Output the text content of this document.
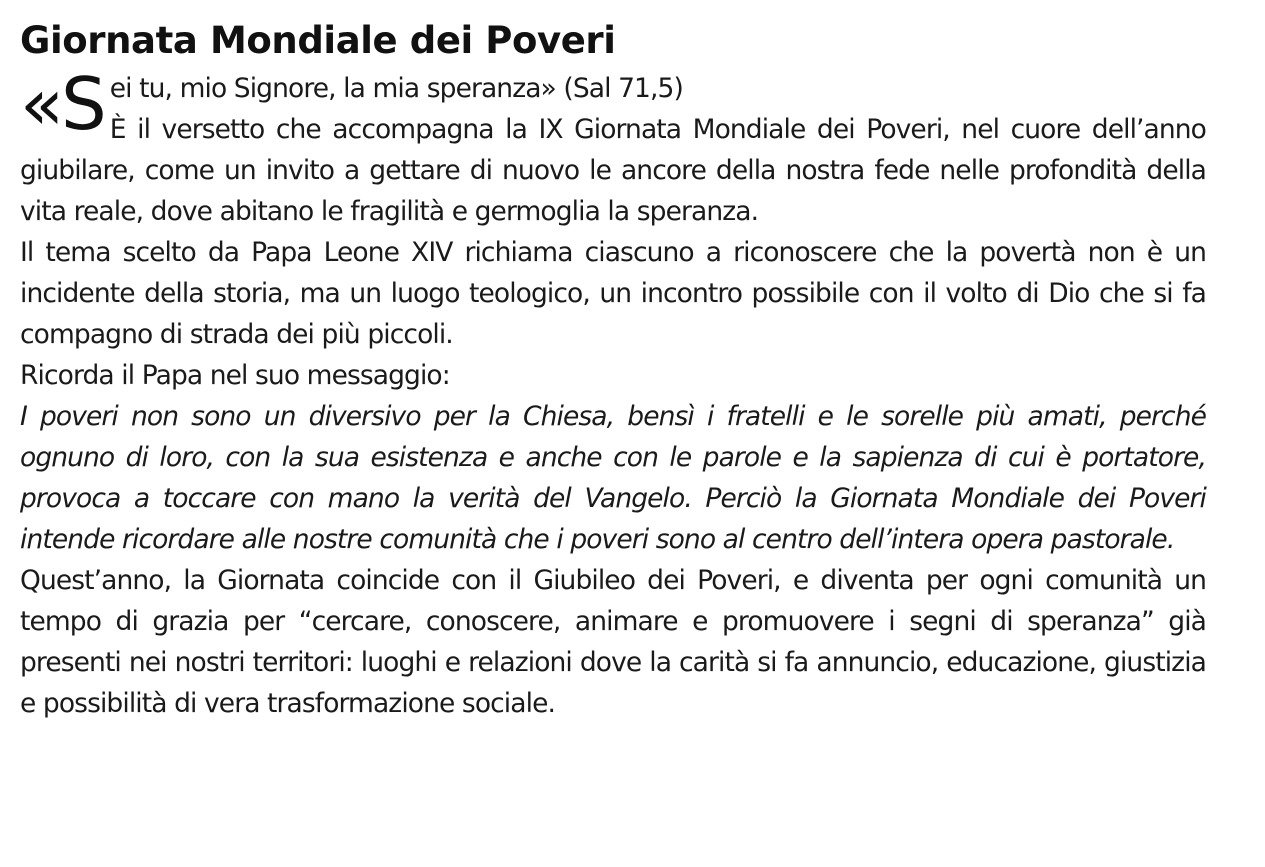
Giornata Mondiale dei Poveri
«S ei tu, mio Signore, la mia speranza» (Sal 71,5)

È il versetto che accompagna la IX Giornata Mondiale dei Poveri, nel cuore dell’anno giubilare, come un invito a gettare di nuovo le ancore della nostra fede nelle profondità della vita reale, dove abitano le fragilità e germoglia la speranza.

Il tema scelto da Papa Leone XIV richiama ciascuno a riconoscere che la povertà non è un incidente della storia, ma un luogo teologico, un incontro possibile con il volto di Dio che si fa compagno di strada dei più piccoli.

Ricorda il Papa nel suo messaggio:

I poveri non sono un diversivo per la Chiesa, bensì i fratelli e le sorelle più amati, perché ognuno di loro, con la sua esistenza e anche con le parole e la sapienza di cui è portatore, provoca a toccare con mano la verità del Vangelo. Perciò la Giornata Mondiale dei Poveri intende ricordare alle nostre comunità che i poveri sono al centro dell’intera opera pastorale.

Quest’anno, la Giornata coincide con il Giubileo dei Poveri, e diventa per ogni comunità un tempo di grazia per “cercare, conoscere, animare e promuovere i segni di speranza” già presenti nei nostri territori: luoghi e relazioni dove la carità si fa annuncio, educazione, giustizia e possibilità di vera trasformazione sociale.
